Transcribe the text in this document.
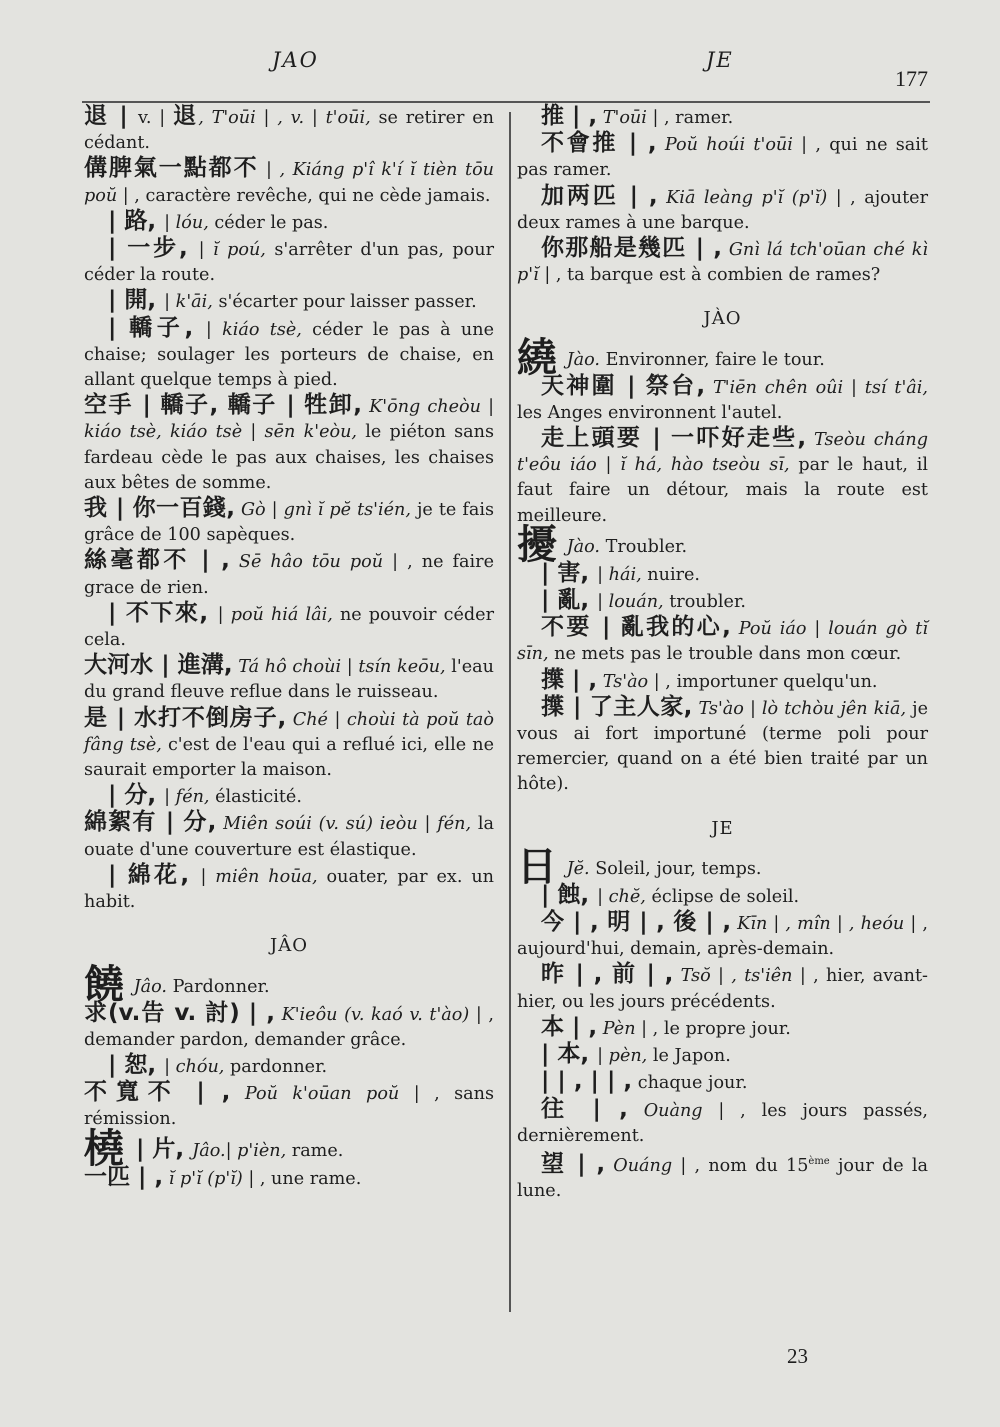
JAO	JE
177

退 | v. | 退, T'oūi | , v. | t'oūi, se retirer en cédant.

傋脾氣一點都不 | , Kiáng p'î k'í ĭ tièn tōu poŭ | , caractère revêche, qui ne cède jamais.

| 路, | lóu, céder le pas.

| 一步, | ĭ poú, s'arrêter d'un pas, pour céder la route.

| 開, | k'āi, s'écarter pour laisser passer.

| 轎子, | kiáo tsè, céder le pas à une chaise; soulager les porteurs de chaise, en allant quelque temps à pied.

空手 | 轎子, 轎子 | 牲卸, K'ōng cheòu | kiáo tsè, kiáo tsè | sēn k'eòu, le piéton sans fardeau cède le pas aux chaises, les chaises aux bêtes de somme.

我 | 你一百錢, Gò | gnì ĭ pĕ ts'ién, je te fais grâce de 100 sapèques.

絲毫都不 | , Sē hâo tōu poŭ | , ne faire grace de rien.

| 不下來, | poŭ hiá lâi, ne pouvoir céder cela.

大河水 | 進溝, Tá hô choùi | tsín keōu, l'eau du grand fleuve reflue dans le ruisseau.

是 | 水打不倒房子, Ché | choùi tà poŭ taò fâng tsè, c'est de l'eau qui a reflué ici, elle ne saurait emporter la maison.

| 分, | fén, élasticité.

綿絮有 | 分, Miên soúi (v. sú) ieòu | fén, la ouate d'une couverture est élastique.

| 綿花, | miên hoūa, ouater, par ex. un habit.

JÂO

饒 Jâo. Pardonner.

求(v.告 v. 討) | , K'ieôu (v. kaó v. t'ào) | , demander pardon, demander grâce.

| 恕, | chóu, pardonner.

不寬不 | , Poŭ k'oūan poŭ | , sans rémission.

橈 | 片, Jâo.| p'ièn, rame.

一匹 | , ĭ p'ĭ (p'ĭ) | , une rame.

推 | , T'oūi | , ramer.

不會推 | , Poŭ hoúi t'oūi | , qui ne sait pas ramer.

加两匹 | , Kiā leàng p'ĭ (p'ĭ) | , ajouter deux rames à une barque.

你那船是幾匹 | , Gnì lá tch'oūan ché kì p'ĭ | , ta barque est à combien de rames?

JÀO

繞 Jào. Environner, faire le tour.

天神圍 | 祭台, T'iēn chên oûi | tsí t'âi, les Anges environnent l'autel.

走上頭要 | 一吓好走些, Tseòu cháng t'eôu iáo | ĭ há, hào tseòu sī, par le haut, il faut faire un détour, mais la route est meilleure.

擾 Jào. Troubler.

| 害, | hái, nuire.

| 亂, | louán, troubler.

不要 | 亂我的心, Poŭ iáo | louán gò tĭ sīn, ne mets pas le trouble dans mon cœur.

擛 | , Ts'ào | , importuner quelqu'un.

擛 | 了主人家, Ts'ào | lò tchòu jên kiā, je vous ai fort importuné (terme poli pour remercier, quand on a été bien traité par un hôte).

JE

日 Jĕ. Soleil, jour, temps.

| 蝕, | chĕ, éclipse de soleil.

今 | , 明 | , 後 | , Kīn | , mîn | , heóu | , aujourd'hui, demain, après-demain.

昨 | , 前 | , Tsŏ | , ts'iên | , hier, avant-hier, ou les jours précédents.

本 | , Pèn | , le propre jour.

| 本, | pèn, le Japon.

| | , | | , chaque jour.

往 | , Ouàng | , les jours passés, dernièrement.

望 | , Ouáng | , nom du 15ème jour de la lune.

23
